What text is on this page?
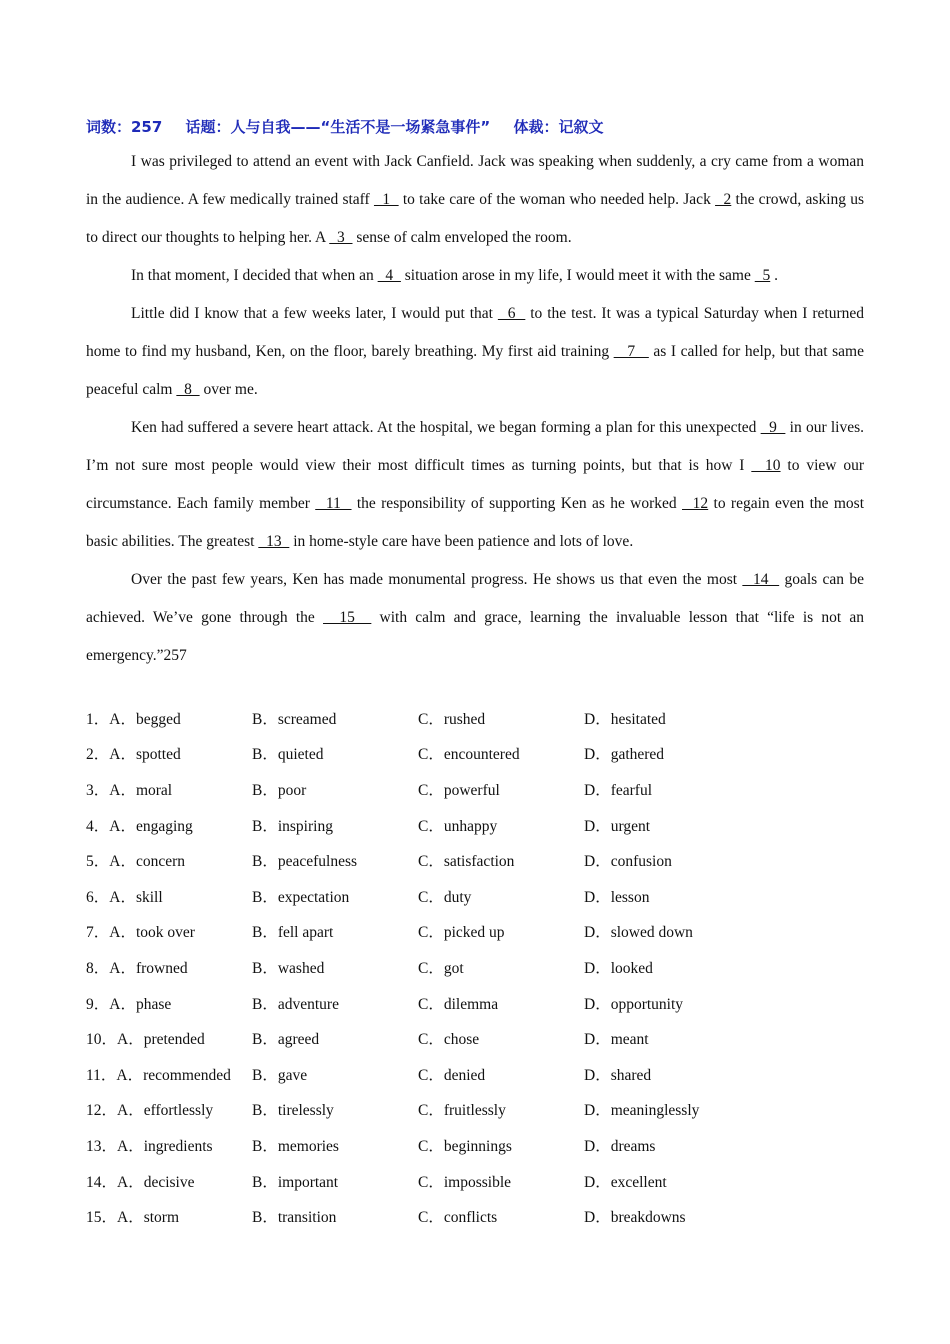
词数：257 话题：人与自我——“生活不是一场紧急事件” 体裁：记叙文

I was privileged to attend an event with Jack Canfield. Jack was speaking when suddenly, a cry came from a woman in the audience. A few medically trained staff   1   to take care of the woman who needed help. Jack   2 the crowd, asking us to direct our thoughts to helping her. A   3   sense of calm enveloped the room.

In that moment, I decided that when an   4   situation arose in my life, I would meet it with the same   5 .

Little did I know that a few weeks later, I would put that   6   to the test. It was a typical Saturday when I returned home to find my husband, Ken, on the floor, barely breathing. My first aid training    7    as I called for help, but that same peaceful calm   8   over me.

Ken had suffered a severe heart attack. At the hospital, we began forming a plan for this unexpected   9   in our lives. I’m not sure most people would view their most difficult times as turning points, but that is how I   10 to view our circumstance. Each family member   11   the responsibility of supporting Ken as he worked   12 to regain even the most basic abilities. The greatest   13   in home-style care have been patience and lots of love.

Over the past few years, Ken has made monumental progress. He shows us that even the most   14   goals can be achieved. We’ve gone through the   15   with calm and grace, learning the invaluable lesson that “life is not an emergency.”257

1．A．begged	B．screamed	C．rushed	D．hesitated
2．A．spotted	B．quieted	C．encountered	D．gathered
3．A．moral	B．poor	C．powerful	D．fearful
4．A．engaging	B．inspiring	C．unhappy	D．urgent
5．A．concern	B．peacefulness	C．satisfaction	D．confusion
6．A．skill	B．expectation	C．duty	D．lesson
7．A．took over	B．fell apart	C．picked up	D．slowed down
8．A．frowned	B．washed	C．got	D．looked
9．A．phase	B．adventure	C．dilemma	D．opportunity
10．A．pretended	B．agreed	C．chose	D．meant
11．A．recommended	B．gave	C．denied	D．shared
12．A．effortlessly	B．tirelessly	C．fruitlessly	D．meaninglessly
13．A．ingredients	B．memories	C．beginnings	D．dreams
14．A．decisive	B．important	C．impossible	D．excellent
15．A．storm	B．transition	C．conflicts	D．breakdowns
